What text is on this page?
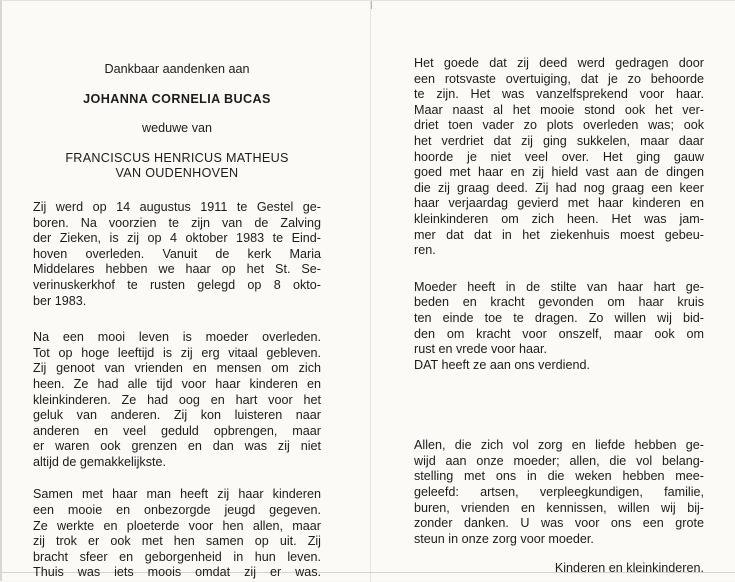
Dankbaar aandenken aan
JOHANNA CORNELIA BUCAS
weduwe van
FRANCISCUS HENRICUS MATHEUS
VAN OUDENHOVEN

Zij werd op 14 augustus 1911 te Gestel ge-
boren. Na voorzien te zijn van de Zalving
der Zieken, is zij op 4 oktober 1983 te Eind-
hoven overleden. Vanuit de kerk Maria
Middelares hebben we haar op het St. Se-
verinuskerkhof te rusten gelegd op 8 okto-
ber 1983.

Na een mooi leven is moeder overleden.
Tot op hoge leeftijd is zij erg vitaal gebleven.
Zij genoot van vrienden en mensen om zich
heen. Ze had alle tijd voor haar kinderen en
kleinkinderen. Ze had oog en hart voor het
geluk van anderen. Zij kon luisteren naar
anderen en veel geduld opbrengen, maar
er waren ook grenzen en dan was zij niet
altijd de gemakkelijkste.

Samen met haar man heeft zij haar kinderen
een mooie en onbezorgde jeugd gegeven.
Ze werkte en ploeterde voor hen allen, maar
zij trok er ook met hen samen op uit. Zij
bracht sfeer en geborgenheid in hun leven.
Thuis was iets moois omdat zij er was.

Het goede dat zij deed werd gedragen door
een rotsvaste overtuiging, dat je zo behoorde
te zijn. Het was vanzelfsprekend voor haar.
Maar naast al het mooie stond ook het ver-
driet toen vader zo plots overleden was; ook
het verdriet dat zij ging sukkelen, maar daar
hoorde je niet veel over. Het ging gauw
goed met haar en zij hield vast aan de dingen
die zij graag deed. Zij had nog graag een keer
haar verjaardag gevierd met haar kinderen en
kleinkinderen om zich heen. Het was jam-
mer dat dat in het ziekenhuis moest gebeu-
ren.

Moeder heeft in de stilte van haar hart ge-
beden en kracht gevonden om haar kruis
ten einde toe te dragen. Zo willen wij bid-
den om kracht voor onszelf, maar ook om
rust en vrede voor haar.
DAT heeft ze aan ons verdiend.

Allen, die zich vol zorg en liefde hebben ge-
wijd aan onze moeder; allen, die vol belang-
stelling met ons in die weken hebben mee-
geleefd: artsen, verpleegkundigen, familie,
buren, vrienden en kennissen, willen wij bij-
zonder danken. U was voor ons een grote
steun in onze zorg voor moeder.

Kinderen en kleinkinderen.
